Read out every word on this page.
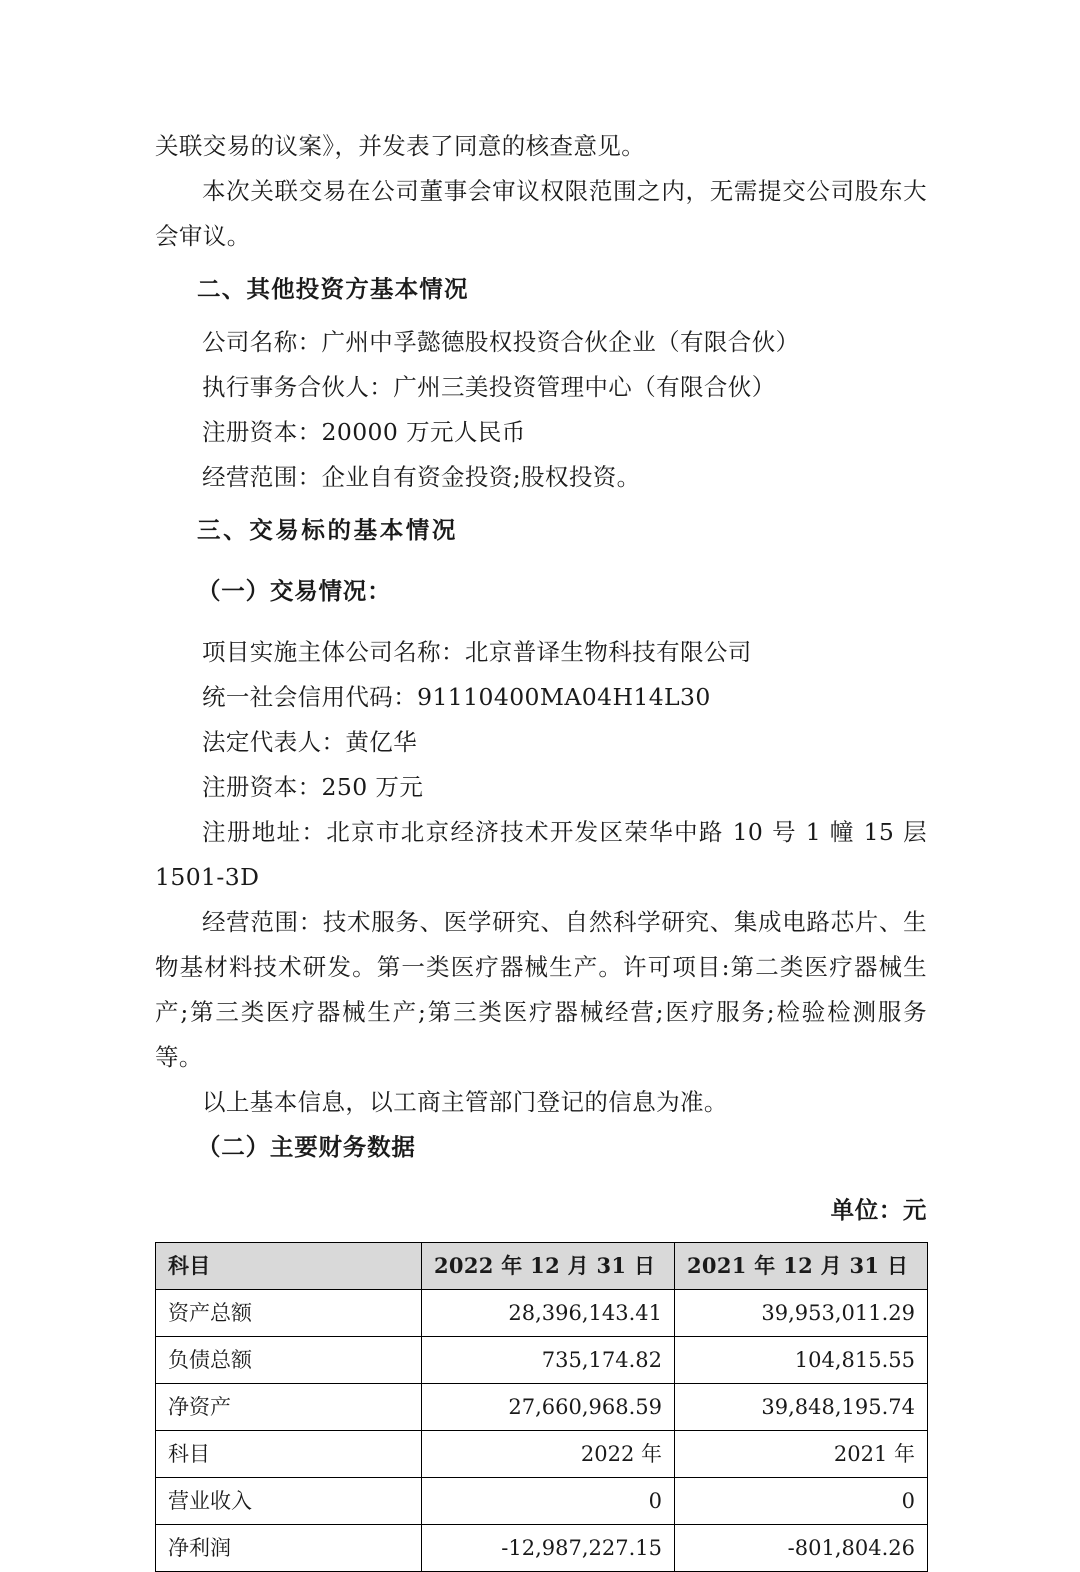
关联交易的议案》，并发表了同意的核查意见。

本次关联交易在公司董事会审议权限范围之内，无需提交公司股东大会审议。

二、其他投资方基本情况

公司名称：广州中孚懿德股权投资合伙企业（有限合伙）

执行事务合伙人：广州三美投资管理中心（有限合伙）

注册资本：20000 万元人民币

经营范围：企业自有资金投资;股权投资。

三、交易标的基本情况
（一）交易情况：

项目实施主体公司名称：北京普译生物科技有限公司

统一社会信用代码：91110400MA04H14L30

法定代表人：黄亿华

注册资本：250 万元

注册地址：北京市北京经济技术开发区荣华中路 10 号 1 幢 15 层 1501-3D

经营范围：技术服务、医学研究、自然科学研究、集成电路芯片、生物基材料技术研发。第一类医疗器械生产。许可项目:第二类医疗器械生产;第三类医疗器械生产;第三类医疗器械经营;医疗服务;检验检测服务等。

以上基本信息，以工商主管部门登记的信息为准。

（二）主要财务数据

单位：元

科目	2022 年 12 月 31 日	2021 年 12 月 31 日
资产总额	28,396,143.41	39,953,011.29
负债总额	735,174.82	104,815.55
净资产	27,660,968.59	39,848,195.74
科目	2022 年	2021 年
营业收入	0	0
净利润	-12,987,227.15	-801,804.26
